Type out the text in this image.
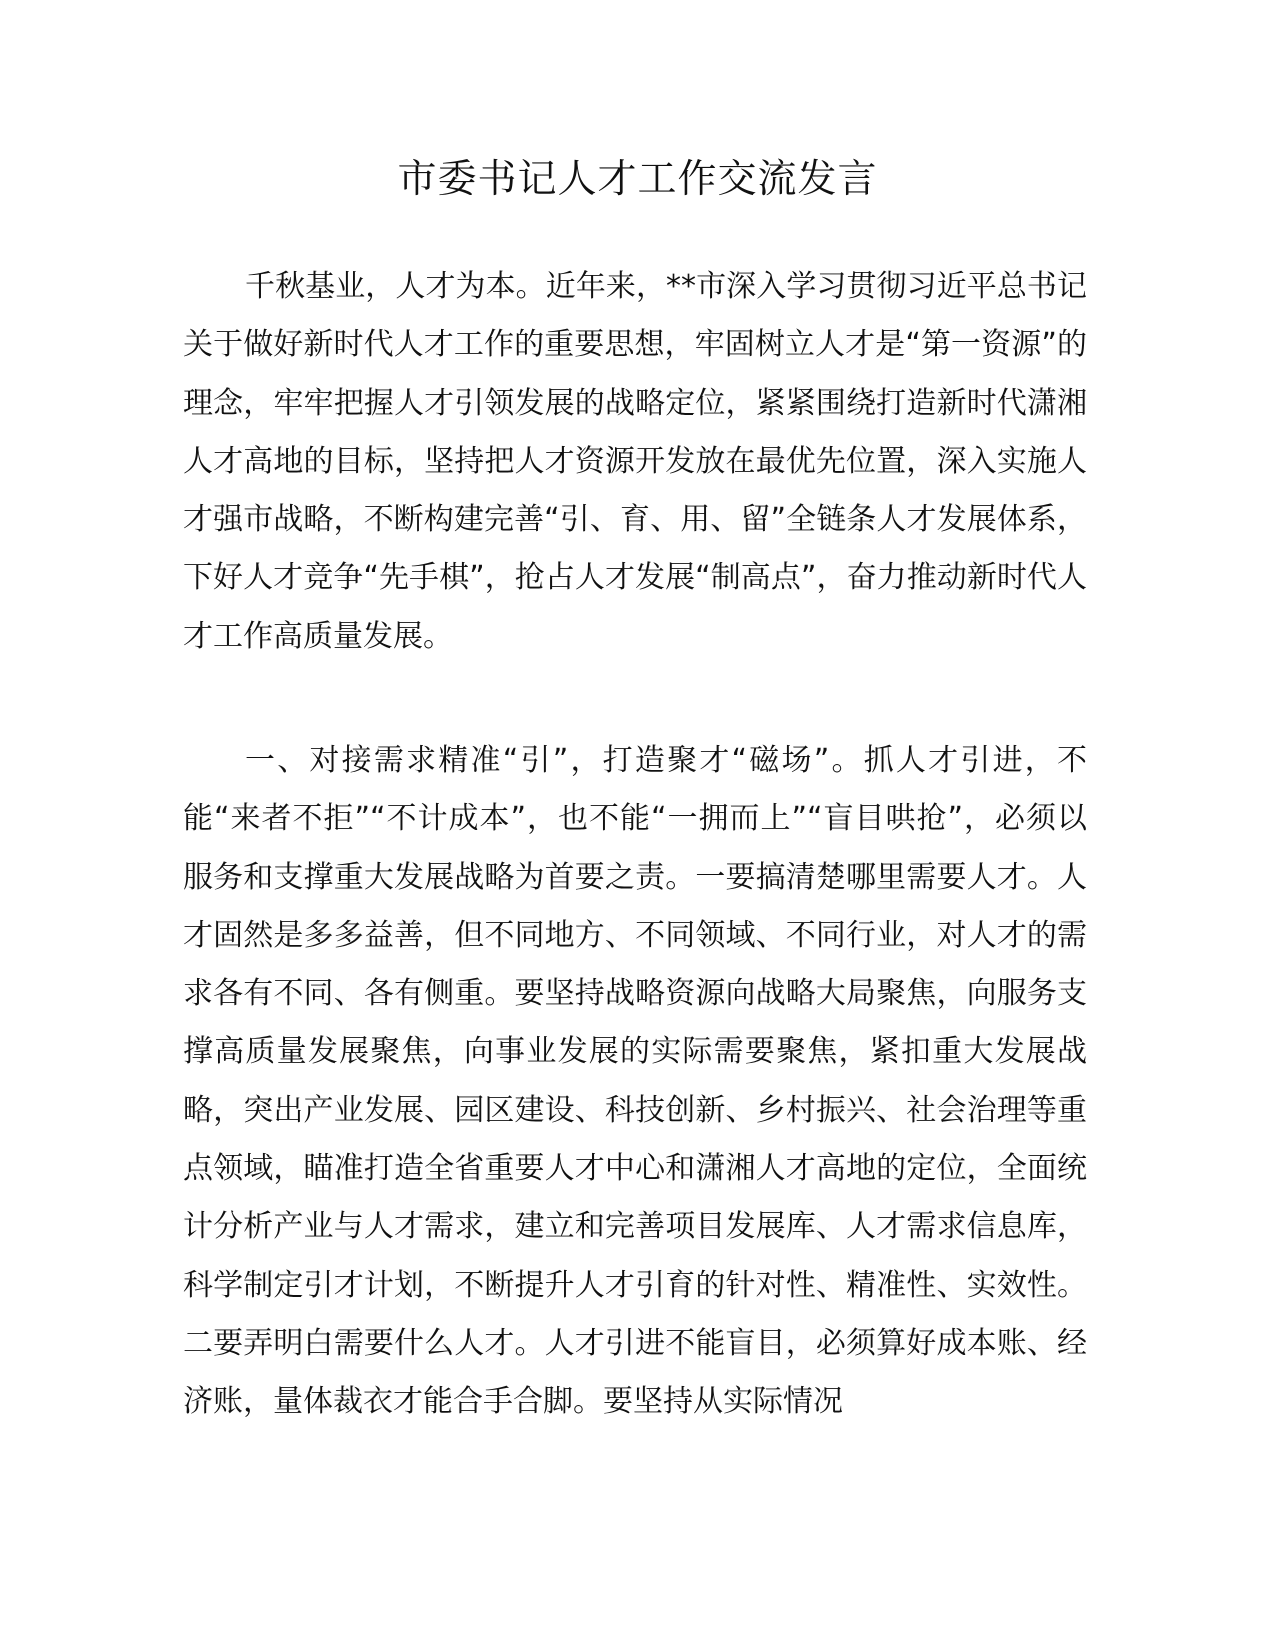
市委书记人才工作交流发言

千秋基业，人才为本。近年来，**市深入学习贯彻习近平总书记关于做好新时代人才工作的重要思想，牢固树立人才是“第一资源”的理念，牢牢把握人才引领发展的战略定位，紧紧围绕打造新时代潇湘人才高地的目标，坚持把人才资源开发放在最优先位置，深入实施人才强市战略，不断构建完善“引、育、用、留”全链条人才发展体系，下好人才竞争“先手棋”，抢占人才发展“制高点”，奋力推动新时代人才工作高质量发展。

一、对接需求精准“引”，打造聚才“磁场”。抓人才引进，不能“来者不拒”“不计成本”，也不能“一拥而上”“盲目哄抢”，必须以服务和支撑重大发展战略为首要之责。一要搞清楚哪里需要人才。人才固然是多多益善，但不同地方、不同领域、不同行业，对人才的需求各有不同、各有侧重。要坚持战略资源向战略大局聚焦，向服务支撑高质量发展聚焦，向事业发展的实际需要聚焦，紧扣重大发展战略，突出产业发展、园区建设、科技创新、乡村振兴、社会治理等重点领域，瞄准打造全省重要人才中心和潇湘人才高地的定位，全面统计分析产业与人才需求，建立和完善项目发展库、人才需求信息库，科学制定引才计划，不断提升人才引育的针对性、精准性、实效性。二要弄明白需要什么人才。人才引进不能盲目，必须算好成本账、经济账，量体裁衣才能合手合脚。要坚持从实际情况
